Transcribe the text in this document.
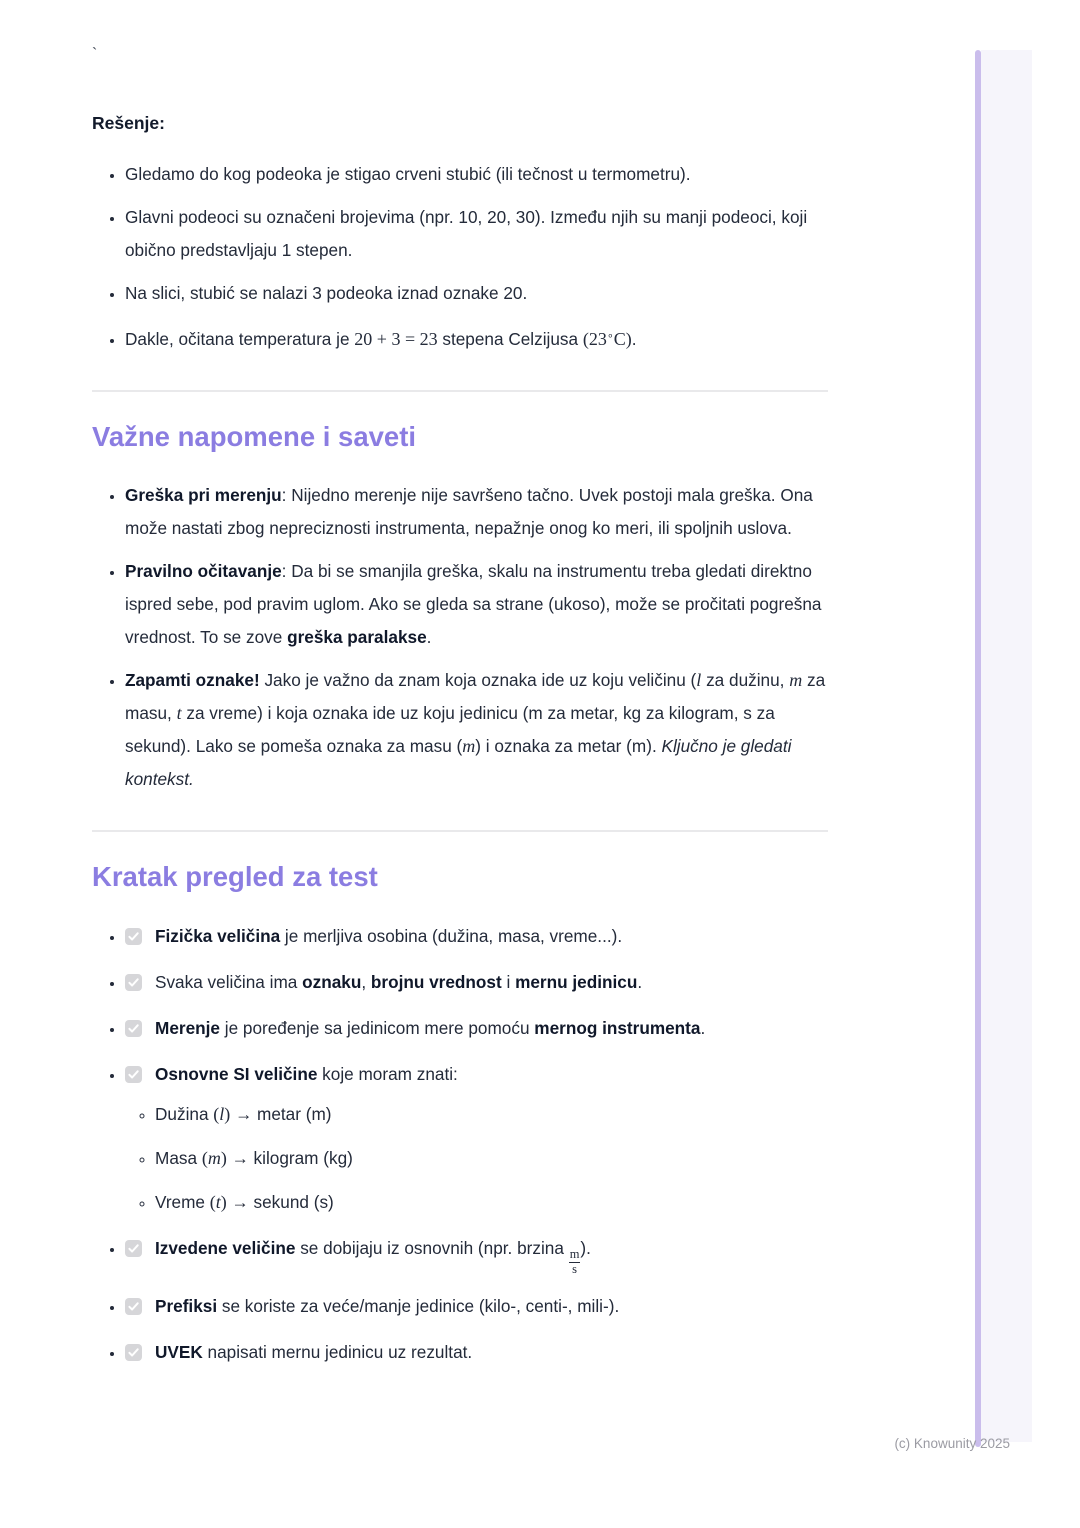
`
Rešenje:
• Gledamo do kog podeoka je stigao crveni stubić (ili tečnost u termometru).
• Glavni podeoci su označeni brojevima (npr. 10, 20, 30). Između njih su manji podeoci, koji obično predstavljaju 1 stepen.
• Na slici, stubić se nalazi 3 podeoka iznad oznake 20.
• Dakle, očitana temperatura je 20 + 3 = 23 stepena Celzijusa (23∘C).
Važne napomene i saveti
• Greška pri merenju: Nijedno merenje nije savršeno tačno. Uvek postoji mala greška. Ona može nastati zbog nepreciznosti instrumenta, nepažnje onog ko meri, ili spoljnih uslova.
• Pravilno očitavanje: Da bi se smanjila greška, skalu na instrumentu treba gledati direktno ispred sebe, pod pravim uglom. Ako se gleda sa strane (ukoso), može se pročitati pogrešna vrednost. To se zove greška paralakse.
• Zapamti oznake! Jako je važno da znam koja oznaka ide uz koju veličinu (l za dužinu, m za masu, t za vreme) i koja oznaka ide uz koju jedinicu (m za metar, kg za kilogram, s za sekund). Lako se pomeša oznaka za masu (m) i oznaka za metar (m). Ključno je gledati kontekst.
Kratak pregled za test
• Fizička veličina je merljiva osobina (dužina, masa, vreme...).
• Svaka veličina ima oznaku, brojnu vrednost i mernu jedinicu.
• Merenje je poređenje sa jedinicom mere pomoću mernog instrumenta.
• Osnovne SI veličine koje moram znati:
◦ Dužina (l) → metar (m)
◦ Masa (m) → kilogram (kg)
◦ Vreme (t) → sekund (s)
• Izvedene veličine se dobijaju iz osnovnih (npr. brzina $\frac{m}{s}$ ).
• Prefiksi se koriste za veće/manje jedinice (kilo-, centi-, mili-).
• UVEK napisati mernu jedinicu uz rezultat.
(c) Knowunity 2025
